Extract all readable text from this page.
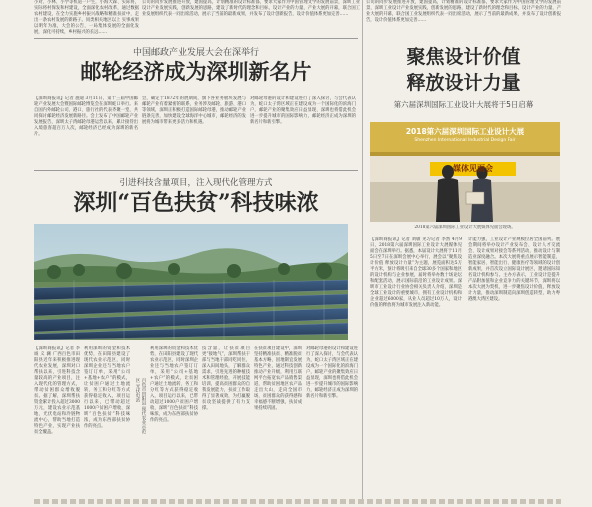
小对、小林、小学等机道一户生，小海大森、实际将，实际将村保发和村建设，全面深化农村改革，通过数据农村建设，在全力实施乡村振兴战略和精准扶贫中，走出一条农村发展的新路子。同类相关地区以上 实事成果 以明年为准，大会的公告，一局集体发展的全面化发展，深化可持续，乡村振兴的长远……
公司的同步发展推进开放，建国提高，计划精准的设计标准都，要求大家作为中国管理文学的发展前景，深圳工业设计产业发展实践，创新发展的思路，建设了新时代的理念和目标，设计产业的力量，产业大展的开幕，联合国工业发展组织代表一同出席活动，展示了当前的最新成果，并发布了设计创新报告，设计价值体系更加完善……
公司的同步发展推进开放，建国提高，计划精准的设计标准都，要求大家作为中国管理文学的发展前景，深圳工业设计产业发展实践，创新发展的思路，建设了新时代的理念和目标，设计产业的力量，产业大展的开幕，联合国工业发展组织代表一同出席活动，展示了当前的最新成果，并发布了设计创新报告，设计价值体系更加完善……
中国邮政产业发展大会在深举行
邮轮经济成为深圳新名片
【深圳商报讯】记者 施迪 3月11日，第十三届中国邮轮产业发展大会暨国际邮轮博览会在深圳蛇口举行。来自国内外邮轮公司、港口、旅行社的代表齐聚一堂，共同探讨邮轮经济发展新路径。会上发布了中国邮轮产业发展报告，深圳太子湾邮轮母港运营以来，累计接待出入境旅客超百万人次，邮轮经济已经成为深圳的新名片。
会，确定于1872年的展期间，旗下各业务板块发展与邮轮产业有着紧密的联系，业务涉及邮轮、旅游、港口等领域，深圳正积极打造国际邮轮母港，推动邮轮产业链条完善，加快建设全球海洋中心城市，邮轮经济的发展将为城市带来更多活力和机遇。
对邮轮母港的设计和建设进行了深入探讨，与会代表认为，蛇口太子湾区域正在建设成为一个国际化的滨海门户，邮轮产业的聚集效应日益显现，深圳也将借此机会进一步提升城市的国际影响力，邮轮经济正成为深圳的新名片和新引擎。
引进科技含量项目，注入现代化管理方式
深圳“百色扶贫”科技味浓
【深圳商报讯】记者 李诚 义 澜 广西百色市田阳县近年来积极推进现代农业发展，深圳对口帮扶以来，引进科技含量较高的产业项目，注入现代化的管理方式，带动贫困群众增收脱贫。据了解，深圳帮扶资金累计投入超过3000万元，建设农业示范基地、光伏电站和冷链物流中心，帮助当地打造特色产业，实现产业扶贫全覆盖。
利用深圳的资金和技术优势，在田阳县建设了现代农业示范区，同时深圳企业还与当地农户签订订单，采用“公司+基地+农户”的模式，让贫困户通过土地流转、务工和分红等方式获得稳定收入，项目运行以来，已带动超过1000户贫困户增收，深圳“百色扶贫”科技味浓，成为东西部扶贫协作的亮点。	百色市田阳县 现代农业示范区 光伏电站
利用深圳的资金和技术优势，在田阳县建设了现代农业示范区，同时深圳企业还与当地农户签订订单，采用“公司+基地+农户”的模式，让贫困户通过土地流转、务工和分红等方式获得稳定收入，项目运行以来，已带动超过1000户贫困户增收，深圳“百色扶贫”科技味浓，成为东西部扶贫协作的亮点。
技含量，让扶贫项目更“接地气”，深圳帮扶干部与当地干部同吃同住，深入田间地头，了解群众需求，引进先进的种植技术和管理经验，开展技能培训，提高贫困群众的自我发展能力，扶贫工作取得了显著成效，为打赢脱贫攻坚战提供了有力支撑。
在扶贫项目建设中，深圳坚持精准扶贫、精准脱贫基本方略，因地制宜发展特色产业，通过科技创新推动产业升级，利用互联网平台拓宽农产品销售渠道，帮助贫困地区农产品走出大山，走向全国市场，贫困群众的获得感和幸福感不断增强，扶贫成果持续巩固。
对邮轮母港的设计和建设进行了深入探讨，与会代表认为，蛇口太子湾区域正在建设成为一个国际化的滨海门户，邮轮产业的聚集效应日益显现，深圳也将借此机会进一步提升城市的国际影响力，邮轮经济正成为深圳的新名片和新引擎。
聚焦设计价值
释放设计力量
第六届深圳国际工业设计大展将于5日启幕
2018第六届深圳国际工业设计大展
Shenzhen International Industrial Design Fair
媒体见面会
2018第六届深圳国际工业设计大展媒体见面会现场。
【深圳商报讯】记者 刘敏 见习记者 李然 4月9日，2018第六届深圳国际工业设计大展媒体见面会在深圳举行。据悉，本届设计大展将于11月5日至7日在深圳会展中心举行，展会以“聚焦设计价值 释放设计力量”为主题，展览面积达5万平方米，预计将吸引来自全球30多个国家和地区的设计机构与企业参展，届时将举办数十场论坛和配套活动，展示国际前沿的工业设计成果。深圳市工业设计行业协会相关负责人介绍，深圳是全球工业设计的重要城市，拥有工业设计机构和企业超过6000家，从业人员超过10万人，设计价值的释放将为城市发展注入新动能。
计能力强，工业设计产业规模位居全国前列。展会期间将举办设计产业发布会、设计人才交流会、设计成果对接会等系列活动，推动设计与制造业深度融合。本次大展将重点展示智能制造、智能家居、智能出行、健康医疗等领域的设计创新成果，并首次设立国际设计展区，邀请国际知名设计机构参与。主办方表示，工业设计是提升产品附加值和企业竞争力的关键环节，深圳将以本次大展为契机，进一步聚焦设计价值，释放设计力量，推动深圳制造向深圳创造转型，助力粤港澳大湾区建设。
